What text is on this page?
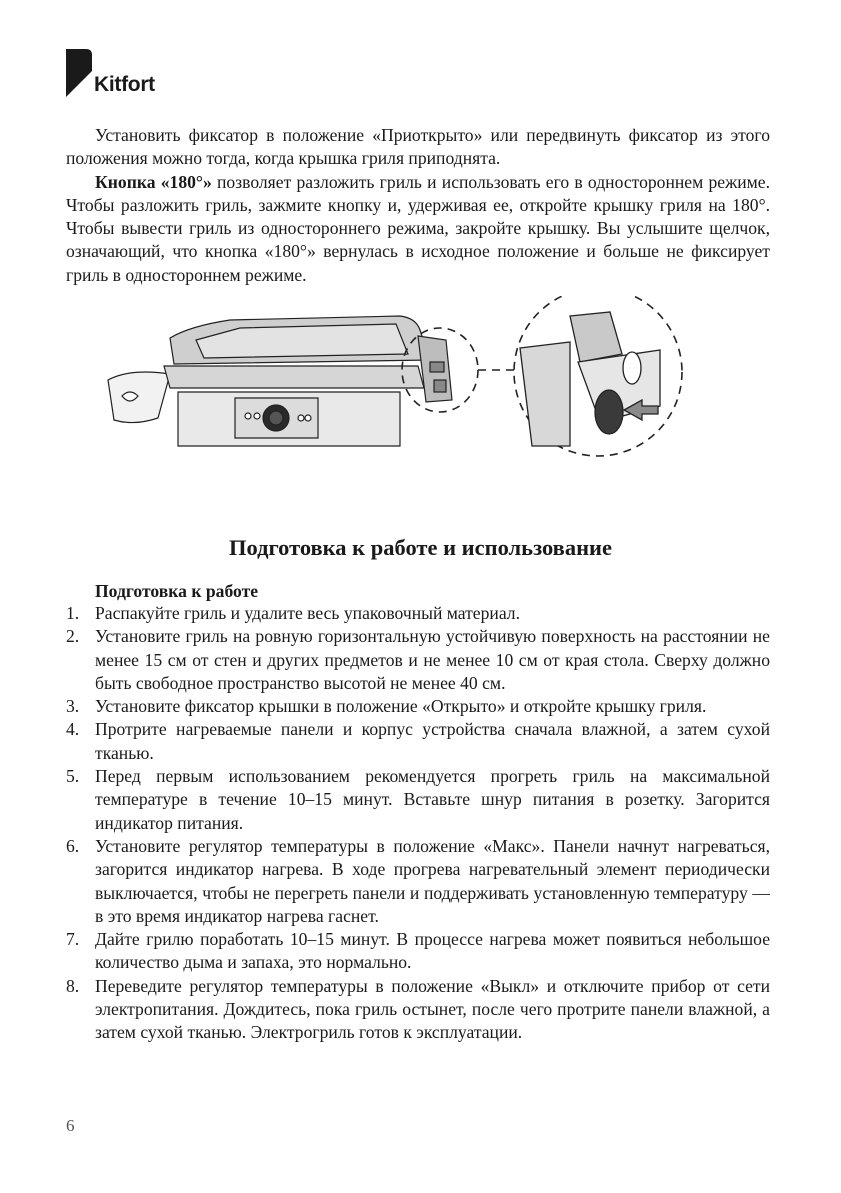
Kitfort

Установить фиксатор в положение «Приоткрыто» или передвинуть фиксатор из этого положения можно тогда, когда крышка гриля приподнята.

Кнопка «180°» позволяет разложить гриль и использовать его в одностороннем режиме. Чтобы разложить гриль, зажмите кнопку и, удерживая ее, откройте крышку гриля на 180°. Чтобы вывести гриль из одностороннего режима, закройте крышку. Вы услышите щелчок, означающий, что кнопка «180°» вернулась в исходное положение и больше не фиксирует гриль в одностороннем режиме.

Подготовка к работе и использование
Подготовка к работе
1. Распакуйте гриль и удалите весь упаковочный материал.
2. Установите гриль на ровную горизонтальную устойчивую поверхность на расстоянии не менее 15 см от стен и других предметов и не менее 10 см от края стола. Сверху должно быть свободное пространство высотой не менее 40 см.
3. Установите фиксатор крышки в положение «Открыто» и откройте крышку гриля.
4. Протрите нагреваемые панели и корпус устройства сначала влажной, а затем сухой тканью.
5. Перед первым использованием рекомендуется прогреть гриль на максимальной температуре в течение 10–15 минут. Вставьте шнур питания в розетку. Загорится индикатор питания.
6. Установите регулятор температуры в положение «Макс». Панели начнут нагреваться, загорится индикатор нагрева. В ходе прогрева нагревательный элемент периодически выключается, чтобы не перегреть панели и поддерживать установленную температуру — в это время индикатор нагрева гаснет.
7. Дайте грилю поработать 10–15 минут. В процессе нагрева может появиться небольшое количество дыма и запаха, это нормально.
8. Переведите регулятор температуры в положение «Выкл» и отключите прибор от сети электропитания. Дождитесь, пока гриль остынет, после чего протрите панели влажной, а затем сухой тканью. Электрогриль готов к эксплуатации.
6
